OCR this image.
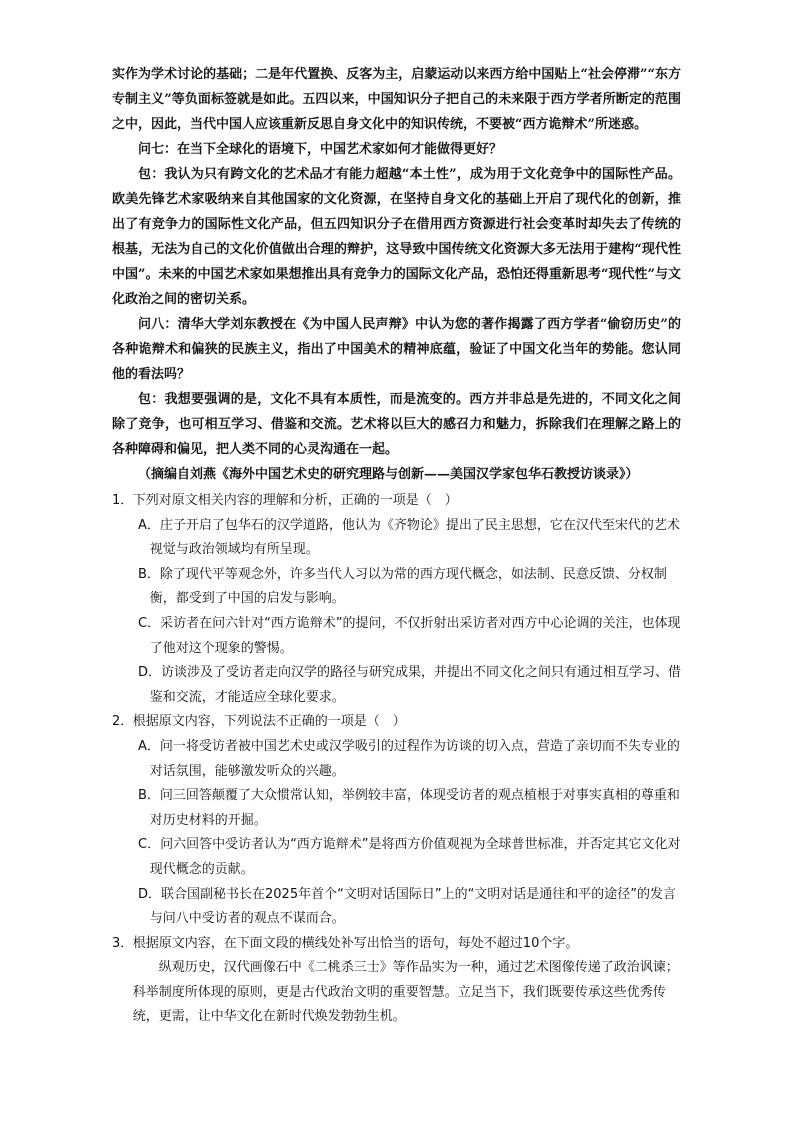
实作为学术讨论的基础；二是年代置换、反客为主，启蒙运动以来西方给中国贴上“社会停滞”“东方专制主义”等负面标签就是如此。五四以来，中国知识分子把自己的未来限于西方学者所断定的范围之中，因此，当代中国人应该重新反思自身文化中的知识传统，不要被“西方诡辩术”所迷惑。

问七：在当下全球化的语境下，中国艺术家如何才能做得更好？

包：我认为只有跨文化的艺术品才有能力超越“本土性”，成为用于文化竞争中的国际性产品。欧美先锋艺术家吸纳来自其他国家的文化资源，在坚持自身文化的基础上开启了现代化的创新，推出了有竞争力的国际性文化产品，但五四知识分子在借用西方资源进行社会变革时却失去了传统的根基，无法为自己的文化价值做出合理的辩护，这导致中国传统文化资源大多无法用于建构“现代性中国”。未来的中国艺术家如果想推出具有竞争力的国际文化产品，恐怕还得重新思考“现代性”与文化政治之间的密切关系。

问八：清华大学刘东教授在《为中国人民声辩》中认为您的著作揭露了西方学者“偷窃历史”的各种诡辩术和偏狭的民族主义，指出了中国美术的精神底蕴，验证了中国文化当年的势能。您认同他的看法吗？

包：我想要强调的是，文化不具有本质性，而是流变的。西方并非总是先进的，不同文化之间除了竞争，也可相互学习、借鉴和交流。艺术将以巨大的感召力和魅力，拆除我们在理解之路上的各种障碍和偏见，把人类不同的心灵沟通在一起。

（摘编自刘燕《海外中国艺术史的研究理路与创新——美国汉学家包华石教授访谈录》）

1．下列对原文相关内容的理解和分析，正确的一项是（　）

A．庄子开启了包华石的汉学道路，他认为《齐物论》提出了民主思想，它在汉代至宋代的艺术视觉与政治领域均有所呈现。

B．除了现代平等观念外，许多当代人习以为常的西方现代概念，如法制、民意反馈、分权制衡，都受到了中国的启发与影响。

C．采访者在问六针对“西方诡辩术”的提问，不仅折射出采访者对西方中心论调的关注，也体现了他对这个现象的警惕。

D．访谈涉及了受访者走向汉学的路径与研究成果，并提出不同文化之间只有通过相互学习、借鉴和交流，才能适应全球化要求。

2．根据原文内容，下列说法不正确的一项是（　）

A．问一将受访者被中国艺术史或汉学吸引的过程作为访谈的切入点，营造了亲切而不失专业的对话氛围，能够激发听众的兴趣。

B．问三回答颠覆了大众惯常认知，举例较丰富，体现受访者的观点植根于对事实真相的尊重和对历史材料的开掘。

C．问六回答中受访者认为“西方诡辩术”是将西方价值观视为全球普世标准，并否定其它文化对现代概念的贡献。

D．联合国副秘书长在2025年首个“文明对话国际日”上的“文明对话是通往和平的途径”的发言与问八中受访者的观点不谋而合。

3．根据原文内容，在下面文段的横线处补写出恰当的语句，每处不超过10个字。

纵观历史，汉代画像石中《二桃杀三士》等作品实为一种，通过艺术图像传递了政治讽谏；科举制度所体现的原则，更是古代政治文明的重要智慧。立足当下，我们既要传承这些优秀传统，更需，让中华文化在新时代焕发勃勃生机。
